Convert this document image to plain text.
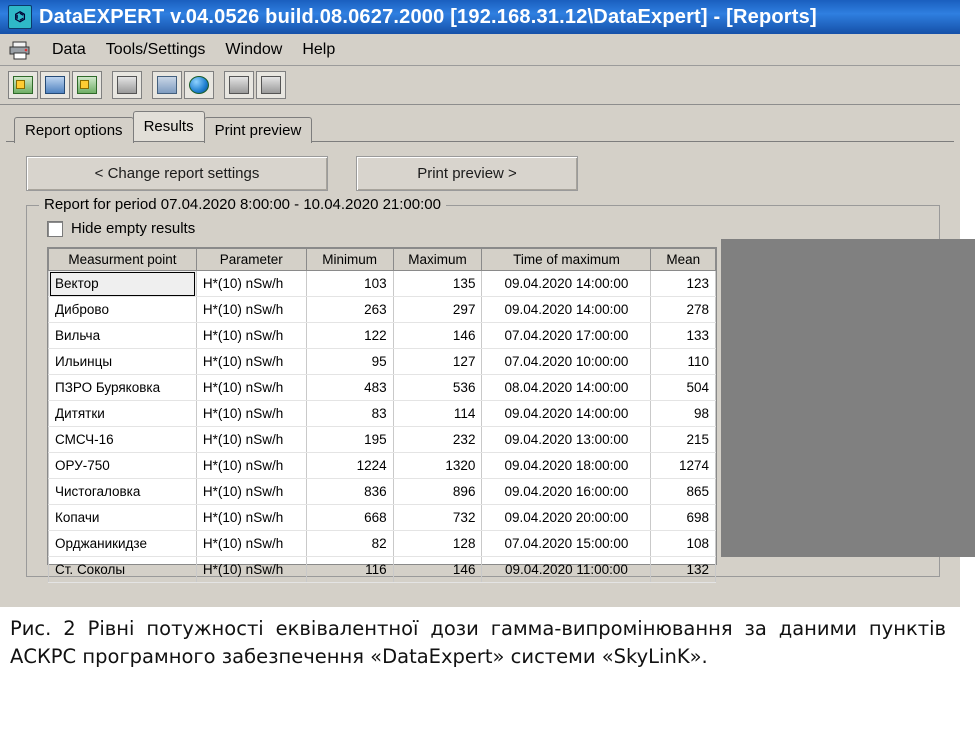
⌬ DataEXPERT v.04.0526 build.08.0627.2000 [192.168.31.12\DataExpert] - [Reports]
Data	Tools/Settings	Window	Help
Report options	Results	Print preview
< Change report settings	Print preview >
Report for period 07.04.2020 8:00:00 - 10.04.2020 21:00:00
Hide empty results
Measurment point	Parameter	Minimum	Maximum	Time of maximum	Mean
Вектор	H*(10) nSw/h	103	135	09.04.2020 14:00:00	123
Диброво	H*(10) nSw/h	263	297	09.04.2020 14:00:00	278
Вильча	H*(10) nSw/h	122	146	07.04.2020 17:00:00	133
Ильинцы	H*(10) nSw/h	95	127	07.04.2020 10:00:00	110
ПЗРО Буряковка	H*(10) nSw/h	483	536	08.04.2020 14:00:00	504
Дитятки	H*(10) nSw/h	83	114	09.04.2020 14:00:00	98
СМСЧ-16	H*(10) nSw/h	195	232	09.04.2020 13:00:00	215
ОРУ-750	H*(10) nSw/h	1224	1320	09.04.2020 18:00:00	1274
Чистогаловка	H*(10) nSw/h	836	896	09.04.2020 16:00:00	865
Копачи	H*(10) nSw/h	668	732	09.04.2020 20:00:00	698
Орджаникидзе	H*(10) nSw/h	82	128	07.04.2020 15:00:00	108
Ст. Соколы	H*(10) nSw/h	116	146	09.04.2020 11:00:00	132
Рис. 2 Рівні потужності еквівалентної дози гамма-випромінювання за даними пунктів АСКРС програмного забезпечення «DataExpert» системи «SkyLinK».
